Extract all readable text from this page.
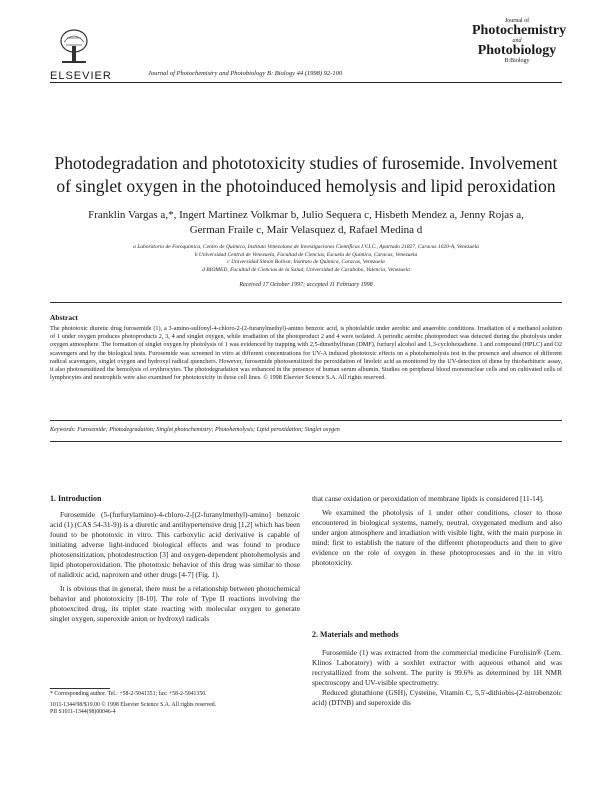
ELSEVIER	Journal of Photochemistry and Photobiology B: Biology 44 (1998) 92-100
Journal of
Photochemistry
and
Photobiology
B:Biology
Photodegradation and phototoxicity studies of furosemide. Involvement of singlet oxygen in the photoinduced hemolysis and lipid peroxidation
Franklin Vargas a,*, Ingert Martinez Volkmar b, Julio Sequera c, Hisbeth Mendez a, Jenny Rojas a,
German Fraile c, Mair Velasquez d, Rafael Medina d
a Laboratorio de Fotoquímica, Centro de Química, Instituto Venezolano de Investigaciones Científicas I.V.I.C., Apartado 21827, Caracas 1020-A, Venezuela
b Universidad Central de Venezuela, Facultad de Ciencias, Escuela de Química, Caracas, Venezuela
c Universidad Simón Bolívar, Instituto de Química, Caracas, Venezuela
d BIOMED, Facultad de Ciencias de la Salud, Universidad de Carabobo, Valencia, Venezuela
Received 17 October 1997; accepted 11 February 1998
Abstract
The phototoxic diuretic drug furosemide (1), a 3-amino-sulfonyl-4-chloro-2-(2-furanylmethyl)-amino benzoic acid, is photolabile under aerobic and anaerobic conditions. Irradiation of a methanol solution of 1 under oxygen produces photoproducts 2, 3, 4 and singlet oxygen, while irradiation of the photoproduct 2 and 4 were isolated. A periodic aerobic photoproduct was detected during the photolysis under oxygen atmosphere. The formation of singlet oxygen by photolysis of 1 was evidenced by trapping with 2,5-dimethylfuran (DMF), furfuryl alcohol and 1,3-cyclohexadiene. 1 and compound (HPLC) and O2 scavengers and by the biological tests. Furosemide was screened in vitro at different concentrations for UV-A induced phototoxic effects on a photohemolysis test in the presence and absence of different radical scavengers, singlet oxygen and hydroxyl radical quenchers. However, furosemide photosensitized the peroxidation of linoleic acid as monitored by the UV-detection of diene by thiobarbituric assay, it also photosensitized the hemolysis of erythrocytes. The photodegradation was enhanced in the presence of human serum albumin. Studies on peripheral blood mononuclear cells and on cultivated cells of lymphocytes and neutrophils were also examined for phototoxicity in those cell lines. © 1998 Elsevier Science S.A. All rights reserved.
Keywords: Furosemide; Photodegradation; Singlet photochemistry; Photohemolysis; Lipid peroxidation; Singlet oxygen
1. Introduction

Furosemide (5-(furfurylamino)-4-chloro-2-[(2-furanylmethyl)-amino] benzoic acid (1) (CAS 54-31-9)) is a diuretic and antihypertensive drug [1,2] which has been found to be phototoxic in vitro. This carboxylic acid derivative is capable of initiating adverse light-induced biological effects and was found to produce photosensitization, photodestruction [3] and oxygen-dependent photohemolysis and lipid photoperoxidation. The phototoxic behavior of this drug was similar to those of nalidixic acid, naproxen and other drugs [4-7] (Fig. 1).

It is obvious that in general, there must be a relationship between photochemical behavior and phototoxicity [8-10]. The role of Type II reactions involving the photoexcited drug, its triplet state reacting with molecular oxygen to generate singlet oxygen, superoxide anion or hydroxyl radicals

* Corresponding author. Tel.: +58-2-5041351; fax: +58-2-5041350.
1011-1344/98/$19.00 © 1998 Elsevier Science S.A. All rights reserved.
PII S1011-1344(98)00046-4

that cause oxidation or peroxidation of membrane lipids is considered [11-14].

We examined the photolysis of 1 under other conditions, closer to those encountered in biological systems, namely, neutral, oxygenated medium and also under argon atmosphere and irradiation with visible light, with the main purpose in mind: first to establish the nature of the different photoproducts and then to give evidence on the role of oxygen in these photoprocesses and in the in vitro phototoxicity.

2. Materials and methods

Furosemide (1) was extracted from the commercial medicine Furolisin® (Lem. Klinos Laboratory) with a soxhlet extractor with aqueous ethanol and was recrystallized from the solvent. The purity is 99.6% as determined by 1H NMR spectroscopy and UV-visible spectrometry.

Reduced glutathione (GSH), Cysteine, Vitamin C, 5,5'-dithiobis-(2-nitrobenzoic acid) (DTNB) and superoxide dis
